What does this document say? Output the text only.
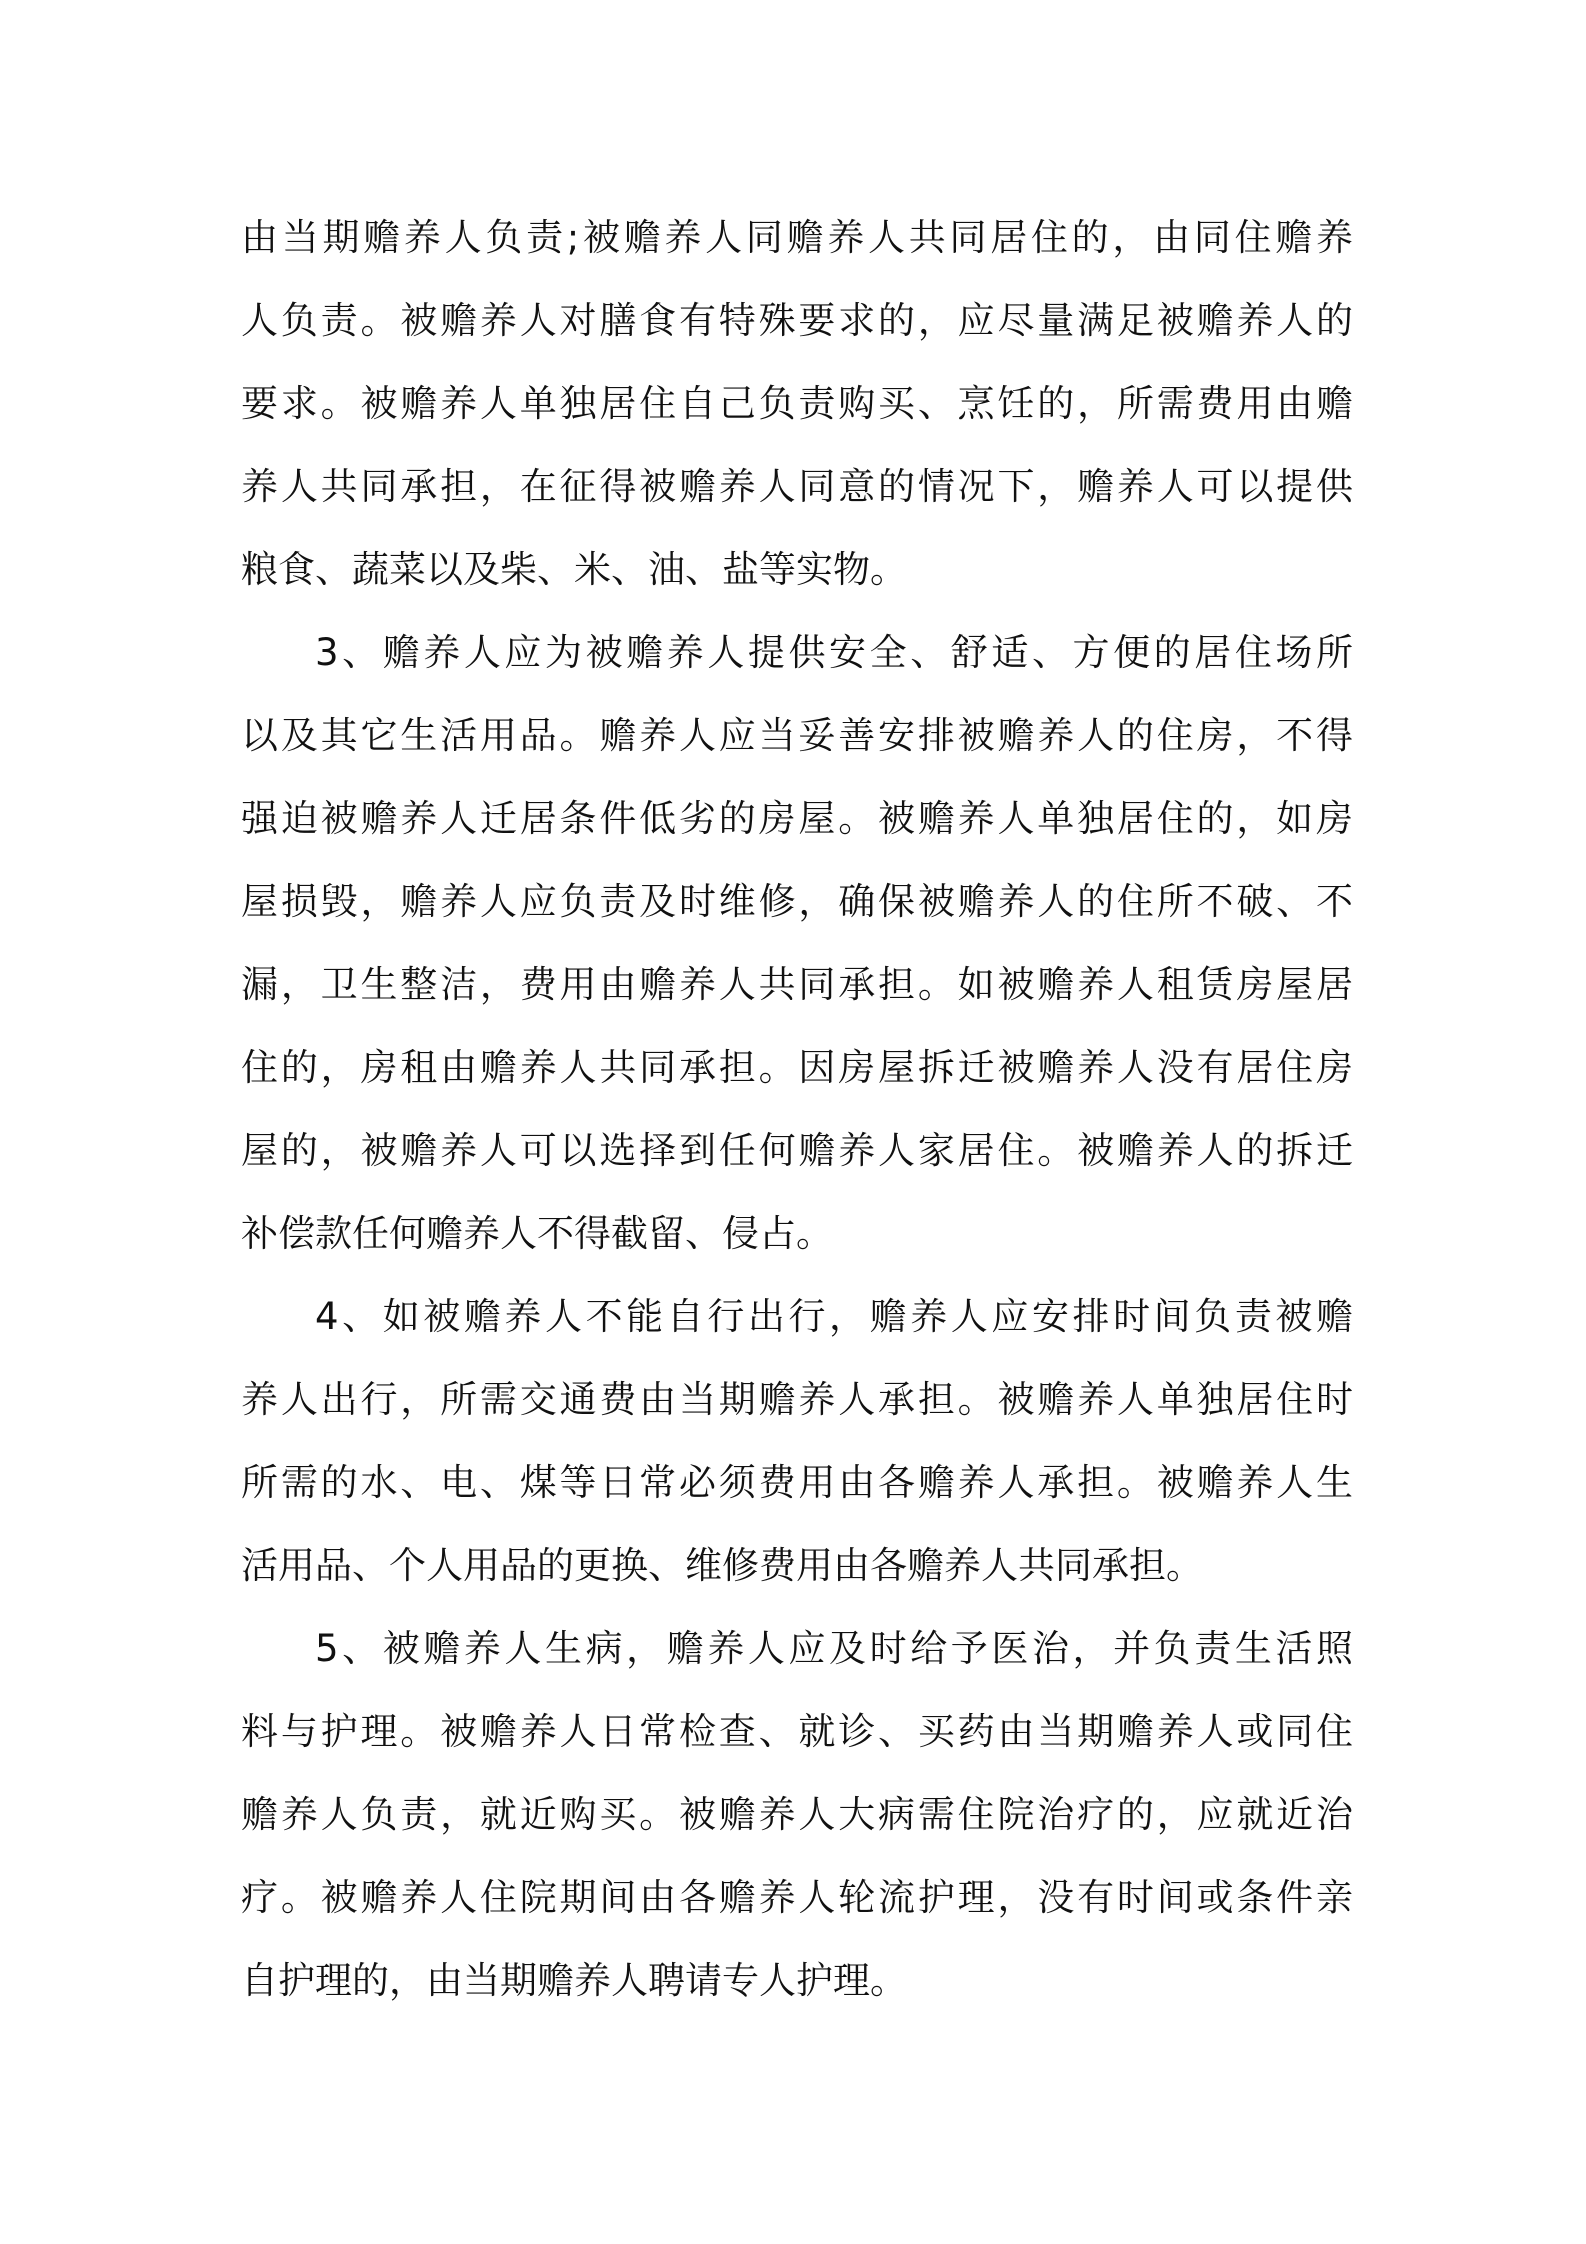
由当期赡养人负责;被赡养人同赡养人共同居住的，由同住赡养
人负责。被赡养人对膳食有特殊要求的，应尽量满足被赡养人的
要求。被赡养人单独居住自己负责购买、烹饪的，所需费用由赡
养人共同承担，在征得被赡养人同意的情况下，赡养人可以提供
粮食、蔬菜以及柴、米、油、盐等实物。
3、赡养人应为被赡养人提供安全、舒适、方便的居住场所
以及其它生活用品。赡养人应当妥善安排被赡养人的住房，不得
强迫被赡养人迁居条件低劣的房屋。被赡养人单独居住的，如房
屋损毁，赡养人应负责及时维修，确保被赡养人的住所不破、不
漏，卫生整洁，费用由赡养人共同承担。如被赡养人租赁房屋居
住的，房租由赡养人共同承担。因房屋拆迁被赡养人没有居住房
屋的，被赡养人可以选择到任何赡养人家居住。被赡养人的拆迁
补偿款任何赡养人不得截留、侵占。
4、如被赡养人不能自行出行，赡养人应安排时间负责被赡
养人出行，所需交通费由当期赡养人承担。被赡养人单独居住时
所需的水、电、煤等日常必须费用由各赡养人承担。被赡养人生
活用品、个人用品的更换、维修费用由各赡养人共同承担。
5、被赡养人生病，赡养人应及时给予医治，并负责生活照
料与护理。被赡养人日常检查、就诊、买药由当期赡养人或同住
赡养人负责，就近购买。被赡养人大病需住院治疗的，应就近治
疗。被赡养人住院期间由各赡养人轮流护理，没有时间或条件亲
自护理的，由当期赡养人聘请专人护理。
